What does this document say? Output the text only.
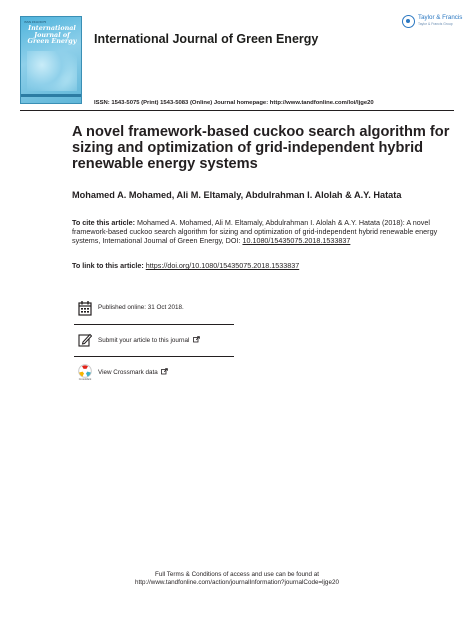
ISSN 1543-5075
International Journal of Green Energy International Journal of Green Energy
Taylor & Francis
Taylor & Francis Group
ISSN: 1543-5075 (Print) 1543-5083 (Online) Journal homepage: http://www.tandfonline.com/loi/ljge20
A novel framework-based cuckoo search algorithm for sizing and optimization of grid-independent hybrid renewable energy systems
Mohamed A. Mohamed, Ali M. Eltamaly, Abdulrahman I. Alolah & A.Y. Hatata
To cite this article: Mohamed A. Mohamed, Ali M. Eltamaly, Abdulrahman I. Alolah & A.Y. Hatata (2018): A novel framework-based cuckoo search algorithm for sizing and optimization of grid-independent hybrid renewable energy systems, International Journal of Green Energy, DOI: 10.1080/15435075.2018.1533837
To link to this article: https://doi.org/10.1080/15435075.2018.1533837
Published online: 31 Oct 2018.
Submit your article to this journal
CrossMark
View Crossmark data
Full Terms & Conditions of access and use can be found at
http://www.tandfonline.com/action/journalInformation?journalCode=ljge20
